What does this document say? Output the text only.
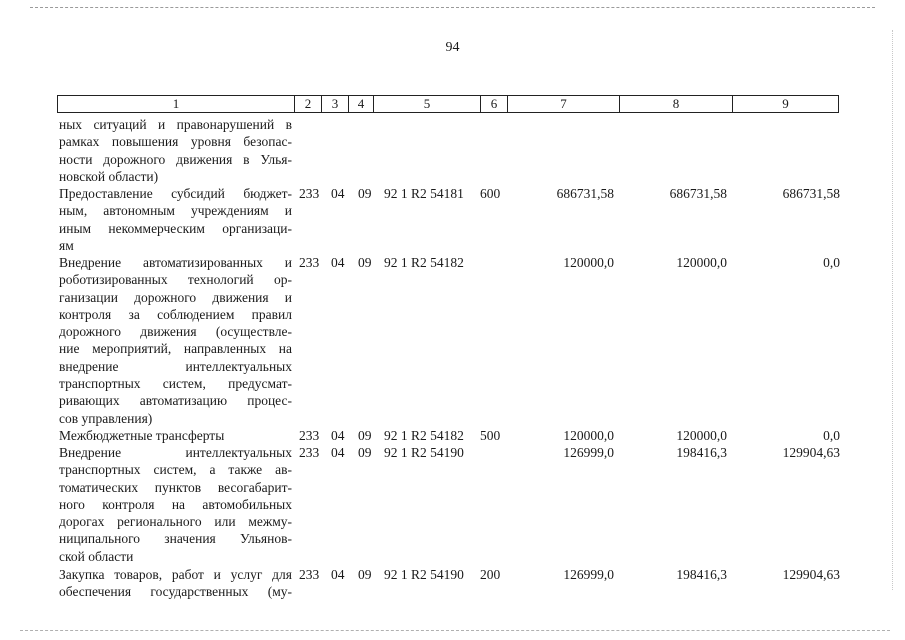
94
1	2	3	4	5	6	7	8	9
ных ситуаций и правонарушений в
рамках повышения уровня безопас-
ности дорожного движения в Улья-
новской области)
Предоставление субсидий бюджет-
ным, автономным учреждениям и
иным некоммерческим организаци-
ям
233 04 09 92 1 R2 54181 600	686731,58	686731,58	686731,58
Внедрение автоматизированных и
роботизированных технологий ор-
ганизации дорожного движения и
контроля за соблюдением правил
дорожного движения (осуществле-
ние мероприятий, направленных на
внедрение интеллектуальных
транспортных систем, предусмат-
ривающих автоматизацию процес-
сов управления)
233 04 09 92 1 R2 54182	120000,0	120000,0	0,0
Межбюджетные трансферты	233 04 09 92 1 R2 54182 500	120000,0	120000,0	0,0
Внедрение интеллектуальных
транспортных систем, а также ав-
томатических пунктов весогабарит-
ного контроля на автомобильных
дорогах регионального или межму-
ниципального значения Ульянов-
ской области
233 04 09 92 1 R2 54190	126999,0	198416,3	129904,63
Закупка товаров, работ и услуг для
обеспечения государственных (му-
233 04 09 92 1 R2 54190 200	126999,0	198416,3	129904,63
